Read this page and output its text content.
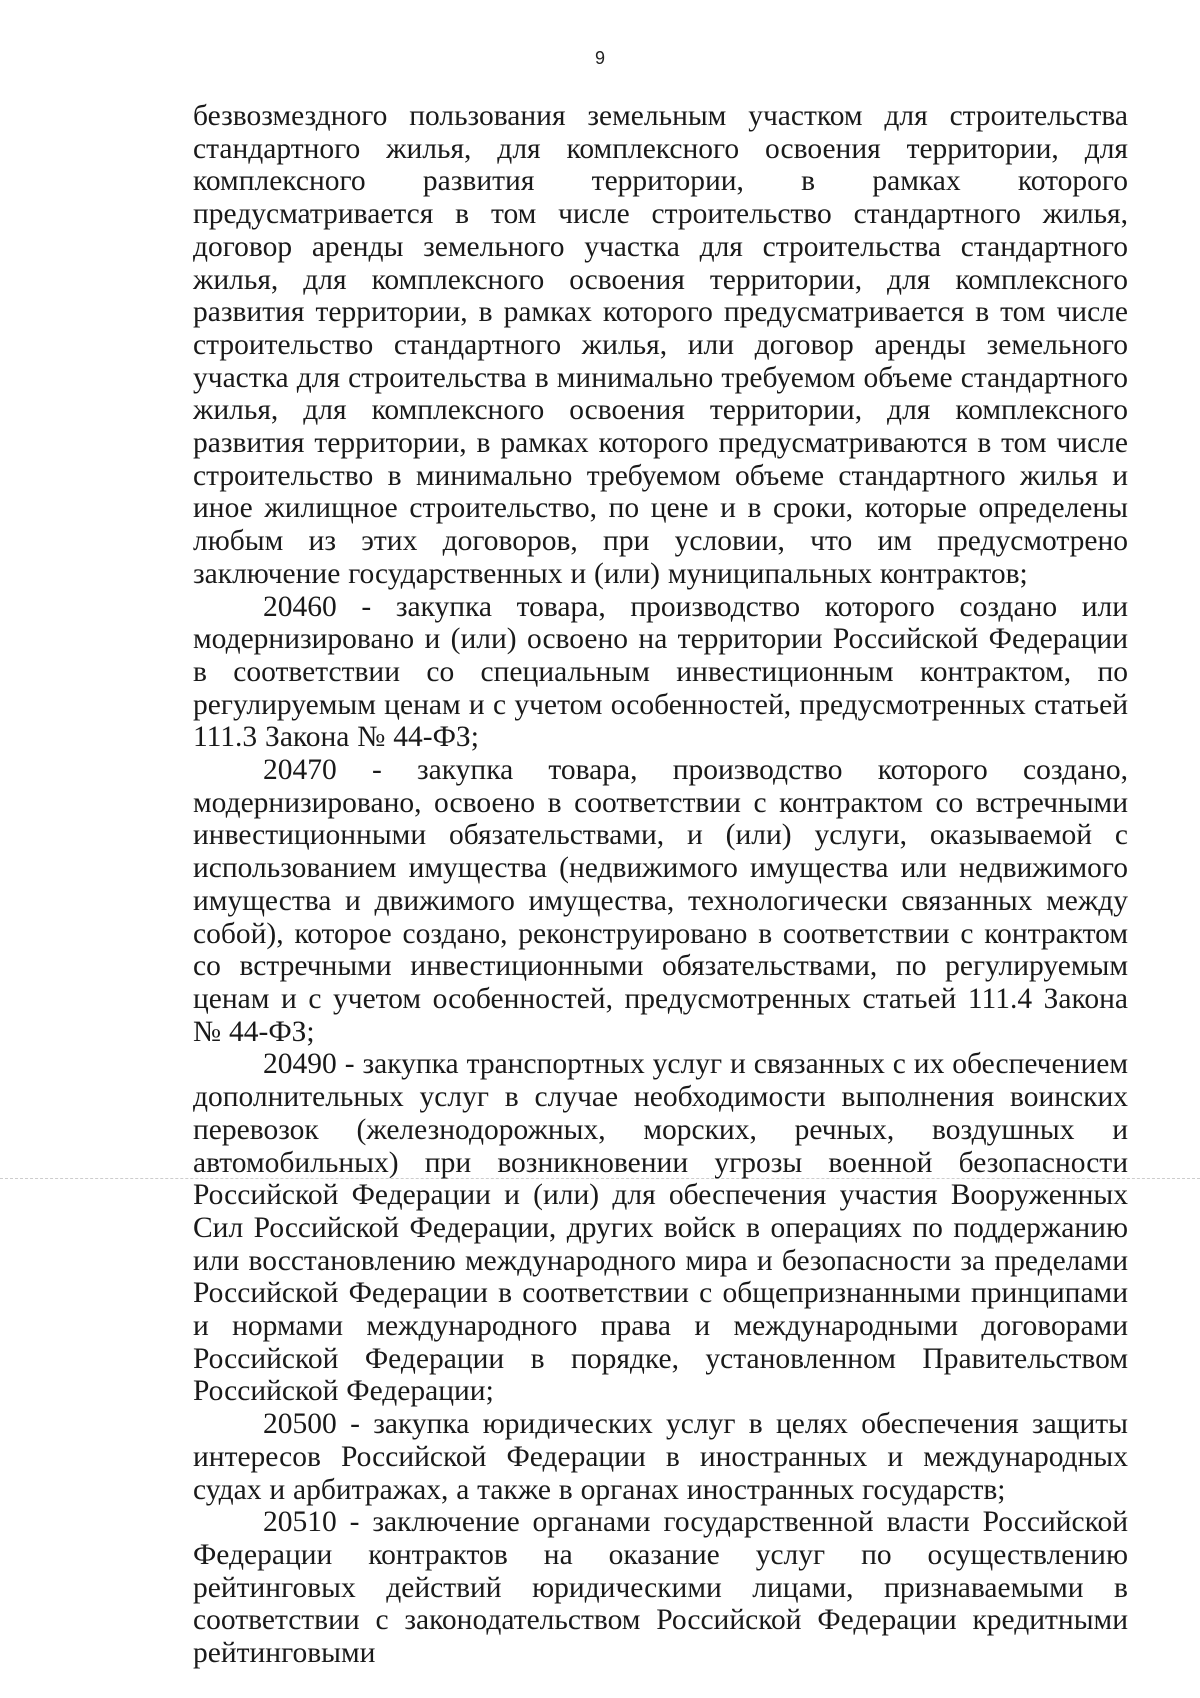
9

безвозмездного пользования земельным участком для строительства стандартного жилья, для комплексного освоения территории, для комплексного развития территории, в рамках которого предусматривается в том числе строительство стандартного жилья, договор аренды земельного участка для строительства стандартного жилья, для комплексного освоения территории, для комплексного развития территории, в рамках которого предусматривается в том числе строительство стандартного жилья, или договор аренды земельного участка для строительства в минимально требуемом объеме стандартного жилья, для комплексного освоения территории, для комплексного развития территории, в рамках которого предусматриваются в том числе строительство в минимально требуемом объеме стандартного жилья и иное жилищное строительство, по цене и в сроки, которые определены любым из этих договоров, при условии, что им предусмотрено заключение государственных и (или) муниципальных контрактов;

20460 - закупка товара, производство которого создано или модернизировано и (или) освоено на территории Российской Федерации в соответствии со специальным инвестиционным контрактом, по регулируемым ценам и с учетом особенностей, предусмотренных статьей 111.3 Закона № 44-ФЗ;

20470 - закупка товара, производство которого создано, модернизировано, освоено в соответствии с контрактом со встречными инвестиционными обязательствами, и (или) услуги, оказываемой с использованием имущества (недвижимого имущества или недвижимого имущества и движимого имущества, технологически связанных между собой), которое создано, реконструировано в соответствии с контрактом со встречными инвестиционными обязательствами, по регулируемым ценам и с учетом особенностей, предусмотренных статьей 111.4 Закона № 44-ФЗ;

20490 - закупка транспортных услуг и связанных с их обеспечением дополнительных услуг в случае необходимости выполнения воинских перевозок (железнодорожных, морских, речных, воздушных и автомобильных) при возникновении угрозы военной безопасности Российской Федерации и (или) для обеспечения участия Вооруженных Сил Российской Федерации, других войск в операциях по поддержанию или восстановлению международного мира и безопасности за пределами Российской Федерации в соответствии с общепризнанными принципами и нормами международного права и международными договорами Российской Федерации в порядке, установленном Правительством Российской Федерации;

20500 - закупка юридических услуг в целях обеспечения защиты интересов Российской Федерации в иностранных и международных судах и арбитражах, а также в органах иностранных государств;

20510 - заключение органами государственной власти Российской Федерации контрактов на оказание услуг по осуществлению рейтинговых действий юридическими лицами, признаваемыми в соответствии с законодательством Российской Федерации кредитными рейтинговыми
